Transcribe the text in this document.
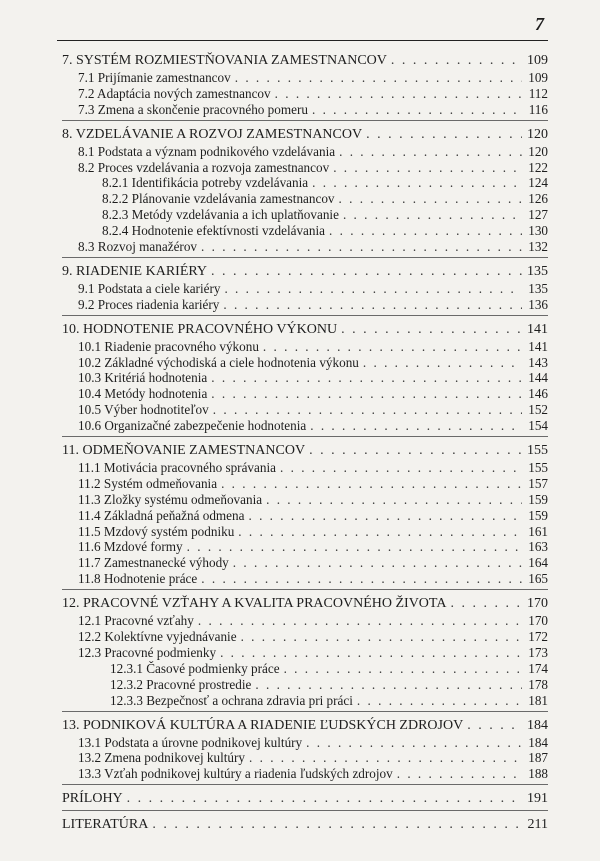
7
7. SYSTÉM ROZMIESTŇOVANIA ZAMESTNANCOV . . .	109
7.1 Prijímanie zamestnancov . . .	109
7.2 Adaptácia nových zamestnancov . . .	112
7.3 Zmena a skončenie pracovného pomeru . . .	116
8. VZDELÁVANIE A ROZVOJ ZAMESTNANCOV . . .	120
8.1 Podstata a význam podnikového vzdelávania . . .	120
8.2 Proces vzdelávania a rozvoja zamestnancov . . .	122
8.2.1 Identifikácia potreby vzdelávania . . .	124
8.2.2 Plánovanie vzdelávania zamestnancov . . .	126
8.2.3 Metódy vzdelávania a ich uplatňovanie . . .	127
8.2.4 Hodnotenie efektívnosti vzdelávania . . .	130
8.3 Rozvoj manažérov . . .	132
9. RIADENIE KARIÉRY . . .	135
9.1 Podstata a ciele kariéry . . .	135
9.2 Proces riadenia kariéry . . .	136
10. HODNOTENIE PRACOVNÉHO VÝKONU . . .	141
10.1 Riadenie pracovného výkonu . . .	141
10.2 Základné východiská a ciele hodnotenia výkonu . . .	143
10.3 Kritériá hodnotenia . . .	144
10.4 Metódy hodnotenia . . .	146
10.5 Výber hodnotiteľov . . .	152
10.6 Organizačné zabezpečenie hodnotenia . . .	154
11. ODMEŇOVANIE ZAMESTNANCOV . . .	155
11.1 Motivácia pracovného správania . . .	155
11.2 Systém odmeňovania . . .	157
11.3 Zložky systému odmeňovania . . .	159
11.4 Základná peňažná odmena . . .	159
11.5 Mzdový systém podniku . . .	161
11.6 Mzdové formy . . .	163
11.7 Zamestnanecké výhody . . .	164
11.8 Hodnotenie práce . . .	165
12. PRACOVNÉ VZŤAHY A KVALITA PRACOVNÉHO ŽIVOTA . . .	170
12.1 Pracovné vzťahy . . .	170
12.2 Kolektívne vyjednávanie . . .	172
12.3 Pracovné podmienky . . .	173
12.3.1 Časové podmienky práce . . .	174
12.3.2 Pracovné prostredie . . .	178
12.3.3 Bezpečnosť a ochrana zdravia pri práci . . .	181
13. PODNIKOVÁ KULTÚRA A RIADENIE ĽUDSKÝCH ZDROJOV . . .	184
13.1 Podstata a úrovne podnikovej kultúry . . .	184
13.2 Zmena podnikovej kultúry . . .	187
13.3 Vzťah podnikovej kultúry a riadenia ľudských zdrojov . . .	188
PRÍLOHY . . .	191
LITERATÚRA . . .	211
